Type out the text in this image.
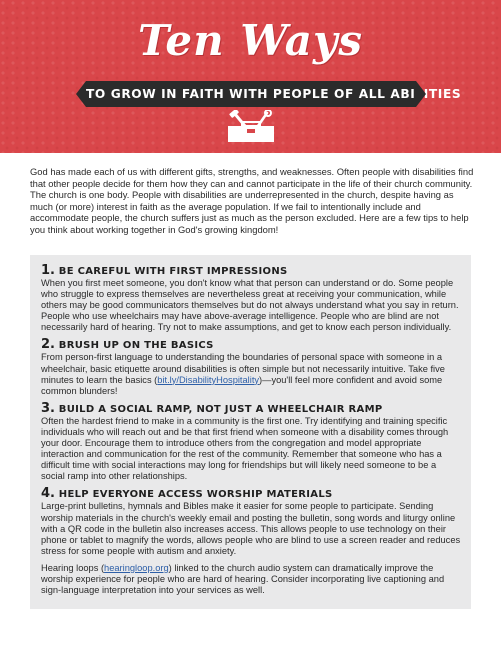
Ten Ways
TO GROW IN FAITH WITH PEOPLE OF ALL ABILITIES

God has made each of us with different gifts, strengths, and weaknesses. Often people with disabilities find that other people decide for them how they can and cannot participate in the life of their church community. The church is one body. People with disabilities are underrepresented in the church, despite having as much (or more) interest in faith as the average population. If we fail to intentionally include and accommodate people, the church suffers just as much as the person excluded. Here are a few tips to help you think about working together in God's growing kingdom!

1. BE CAREFUL WITH FIRST IMPRESSIONS

When you first meet someone, you don't know what that person can understand or do. Some people who struggle to express themselves are nevertheless great at receiving your communication, while others may be good communicators themselves but do not always understand what you say in return. People who use wheelchairs may have above-average intelligence. People who are blind are not necessarily hard of hearing. Try not to make assumptions, and get to know each person individually.

2. BRUSH UP ON THE BASICS

From person-first language to understanding the boundaries of personal space with someone in a wheelchair, basic etiquette around disabilities is often simple but not necessarily intuitive. Take five minutes to learn the basics (bit.ly/DisabilityHospitality)—you'll feel more confident and avoid some common blunders!

3. BUILD A SOCIAL RAMP, NOT JUST A WHEELCHAIR RAMP

Often the hardest friend to make in a community is the first one. Try identifying and training specific individuals who will reach out and be that first friend when someone with a disability comes through your door. Encourage them to introduce others from the congregation and model appropriate interaction and communication for the rest of the community. Remember that someone who has a difficult time with social interactions may long for friendships but will likely need someone to be a social ramp into other relationships.

4. HELP EVERYONE ACCESS WORSHIP MATERIALS

Large-print bulletins, hymnals and Bibles make it easier for some people to participate. Sending worship materials in the church's weekly email and posting the bulletin, song words and liturgy online with a QR code in the bulletin also increases access. This allows people to use technology on their phone or tablet to magnify the words, allows people who are blind to use a screen reader and reduces stress for some people with autism and anxiety.

Hearing loops (hearingloop.org) linked to the church audio system can dramatically improve the worship experience for people who are hard of hearing. Consider incorporating live captioning and sign-language interpretation into your services as well.
